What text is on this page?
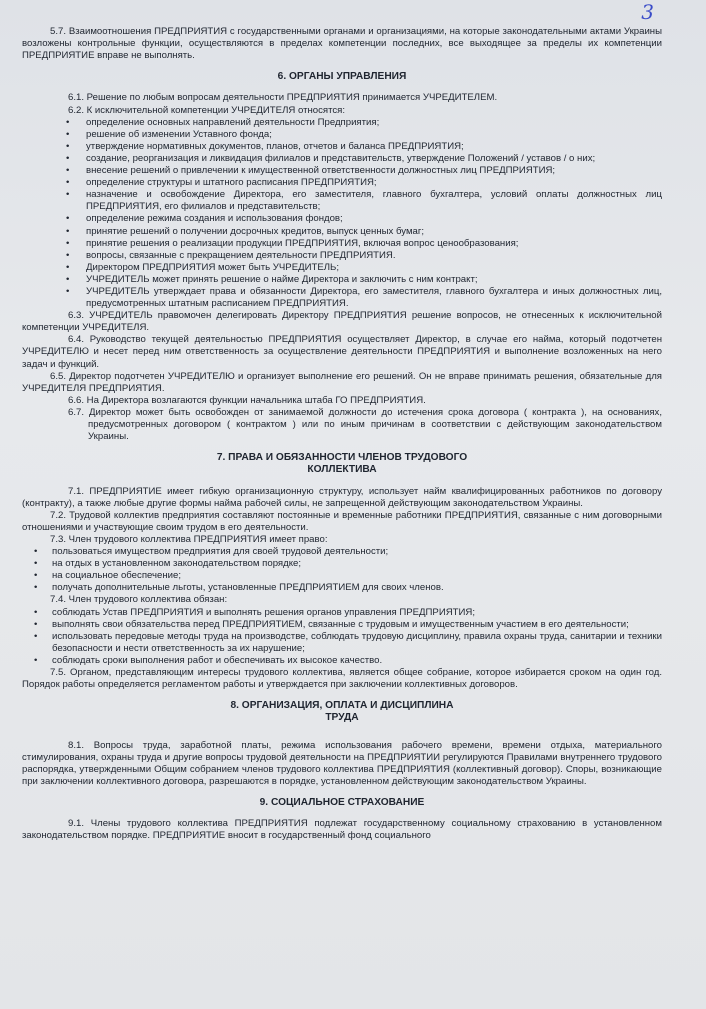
3

5.7. Взаимоотношения ПРЕДПРИЯТИЯ с государственными органами и организациями, на которые законодательными актами Украины возложены контрольные функции, осуществляются в пределах компетенции последних, все выходящее за пределы их компетенции ПРЕДПРИЯТИЕ вправе не выполнять.

6. ОРГАНЫ УПРАВЛЕНИЯ

6.1. Решение по любым вопросам деятельности ПРЕДПРИЯТИЯ принимается УЧРЕДИТЕЛЕМ.

6.2. К исключительной компетенции УЧРЕДИТЕЛЯ относятся:

• определение основных направлений деятельности Предприятия;
• решение об изменении Уставного фонда;
• утверждение нормативных документов, планов, отчетов и баланса ПРЕДПРИЯТИЯ;
• создание, реорганизация и ликвидация филиалов и представительств, утверждение Положений / уставов / о них;
• внесение решений о привлечении к имущественной ответственности должностных лиц ПРЕДПРИЯТИЯ;
• определение структуры и штатного расписания ПРЕДПРИЯТИЯ;
• назначение и освобождение Директора, его заместителя, главного бухгалтера, условий оплаты должностных лиц ПРЕДПРИЯТИЯ, его филиалов и представительств;
• определение режима создания и использования фондов;
• принятие решений о получении досрочных кредитов, выпуск ценных бумаг;
• принятие решения о реализации продукции ПРЕДПРИЯТИЯ, включая вопрос ценообразования;
• вопросы, связанные с прекращением деятельности ПРЕДПРИЯТИЯ.
• Директором ПРЕДПРИЯТИЯ может быть УЧРЕДИТЕЛЬ;
• УЧРЕДИТЕЛЬ может принять решение о найме Директора и заключить с ним контракт;
• УЧРЕДИТЕЛЬ утверждает права и обязанности Директора, его заместителя, главного бухгалтера и иных должностных лиц, предусмотренных штатным расписанием ПРЕДПРИЯТИЯ.

6.3. УЧРЕДИТЕЛЬ правомочен делегировать Директору ПРЕДПРИЯТИЯ решение вопросов, не отнесенных к исключительной компетенции УЧРЕДИТЕЛЯ.

6.4. Руководство текущей деятельностью ПРЕДПРИЯТИЯ осуществляет Директор, в случае его найма, который подотчетен УЧРЕДИТЕЛЮ и несет перед ним ответственность за осуществление деятельности ПРЕДПРИЯТИЯ и выполнение возложенных на него задач и функций.

6.5. Директор подотчетен УЧРЕДИТЕЛЮ и организует выполнение его решений. Он не вправе принимать решения, обязательные для УЧРЕДИТЕЛЯ ПРЕДПРИЯТИЯ.

6.6. На Директора возлагаются функции начальника штаба ГО ПРЕДПРИЯТИЯ.

6.7. Директор может быть освобожден от занимаемой должности до истечения срока договора ( контракта ), на основаниях, предусмотренных договором ( контрактом ) или по иным причинам в соответствии с действующим законодательством Украины.

7. ПРАВА И ОБЯЗАННОСТИ ЧЛЕНОВ ТРУДОВОГО
КОЛЛЕКТИВА

7.1. ПРЕДПРИЯТИЕ имеет гибкую организационную структуру, использует найм квалифицированных работников по договору (контракту), а также любые другие формы найма рабочей силы, не запрещенной действующим законодательством Украины.

7.2. Трудовой коллектив предприятия составляют постоянные и временные работники ПРЕДПРИЯТИЯ, связанные с ним договорными отношениями и участвующие своим трудом в его деятельности.

7.3. Член трудового коллектива ПРЕДПРИЯТИЯ имеет право:

• пользоваться имуществом предприятия для своей трудовой деятельности;
• на отдых в установленном законодательством порядке;
• на социальное обеспечение;
• получать дополнительные льготы, установленные ПРЕДПРИЯТИЕМ для своих членов.

7.4. Член трудового коллектива обязан:

• соблюдать Устав ПРЕДПРИЯТИЯ и выполнять решения органов управления ПРЕДПРИЯТИЯ;
• выполнять свои обязательства перед ПРЕДПРИЯТИЕМ, связанные с трудовым и имущественным участием в его деятельности;
• использовать передовые методы труда на производстве, соблюдать трудовую дисциплину, правила охраны труда, санитарии и техники безопасности и нести ответственность за их нарушение;
• соблюдать сроки выполнения работ и обеспечивать их высокое качество.

7.5. Органом, представляющим интересы трудового коллектива, является общее собрание, которое избирается сроком на один год. Порядок работы определяется регламентом работы и утверждается при заключении коллективных договоров.

8. ОРГАНИЗАЦИЯ, ОПЛАТА И ДИСЦИПЛИНА
ТРУДА

8.1. Вопросы труда, заработной платы, режима использования рабочего времени, времени отдыха, материального стимулирования, охраны труда и другие вопросы трудовой деятельности на ПРЕДПРИЯТИИ регулируются Правилами внутреннего трудового распорядка, утвержденными Общим собранием членов трудового коллектива ПРЕДПРИЯТИЯ (коллективный договор). Споры, возникающие при заключении коллективного договора, разрешаются в порядке, установленном действующим законодательством Украины.

9. СОЦИАЛЬНОЕ СТРАХОВАНИЕ

9.1. Члены трудового коллектива ПРЕДПРИЯТИЯ подлежат государственному социальному страхованию в установленном законодательством порядке. ПРЕДПРИЯТИЕ вносит в государственный фонд социального
